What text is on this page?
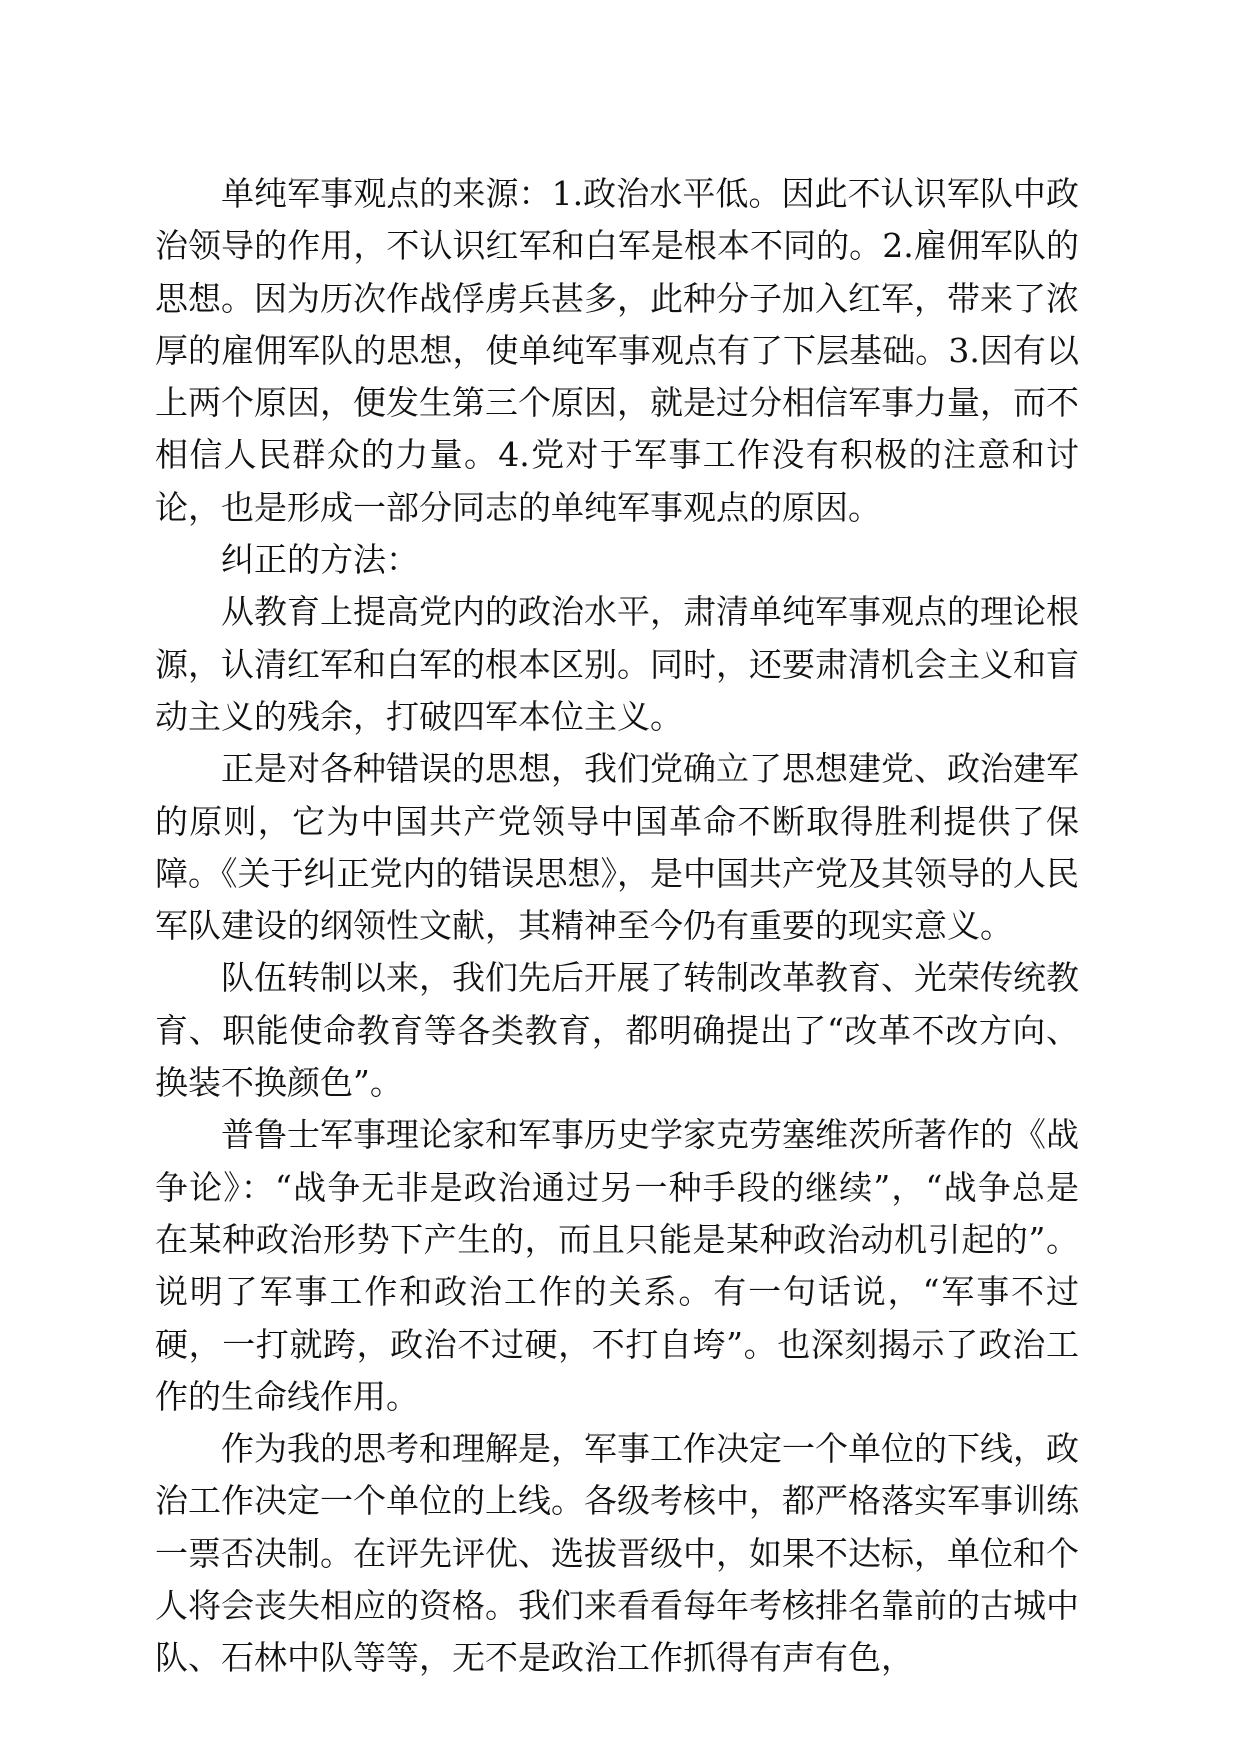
单纯军事观点的来源：1.政治水平低。因此不认识军队中政治领导的作用，不认识红军和白军是根本不同的。2.雇佣军队的思想。因为历次作战俘虏兵甚多，此种分子加入红军，带来了浓厚的雇佣军队的思想，使单纯军事观点有了下层基础。3.因有以上两个原因，便发生第三个原因，就是过分相信军事力量，而不相信人民群众的力量。4.党对于军事工作没有积极的注意和讨论，也是形成一部分同志的单纯军事观点的原因。

纠正的方法：

从教育上提高党内的政治水平，肃清单纯军事观点的理论根源，认清红军和白军的根本区别。同时，还要肃清机会主义和盲动主义的残余，打破四军本位主义。

正是对各种错误的思想，我们党确立了思想建党、政治建军的原则，它为中国共产党领导中国革命不断取得胜利提供了保障。《关于纠正党内的错误思想》，是中国共产党及其领导的人民军队建设的纲领性文献，其精神至今仍有重要的现实意义。

队伍转制以来，我们先后开展了转制改革教育、光荣传统教育、职能使命教育等各类教育，都明确提出了“改革不改方向、换装不换颜色”。

普鲁士军事理论家和军事历史学家克劳塞维茨所著作的《战争论》：“战争无非是政治通过另一种手段的继续”，“战争总是在某种政治形势下产生的，而且只能是某种政治动机引起的”。说明了军事工作和政治工作的关系。有一句话说，“军事不过硬，一打就跨，政治不过硬，不打自垮”。也深刻揭示了政治工作的生命线作用。

作为我的思考和理解是，军事工作决定一个单位的下线，政治工作决定一个单位的上线。各级考核中，都严格落实军事训练一票否决制。在评先评优、选拔晋级中，如果不达标，单位和个人将会丧失相应的资格。我们来看看每年考核排名靠前的古城中队、石林中队等等，无不是政治工作抓得有声有色，
